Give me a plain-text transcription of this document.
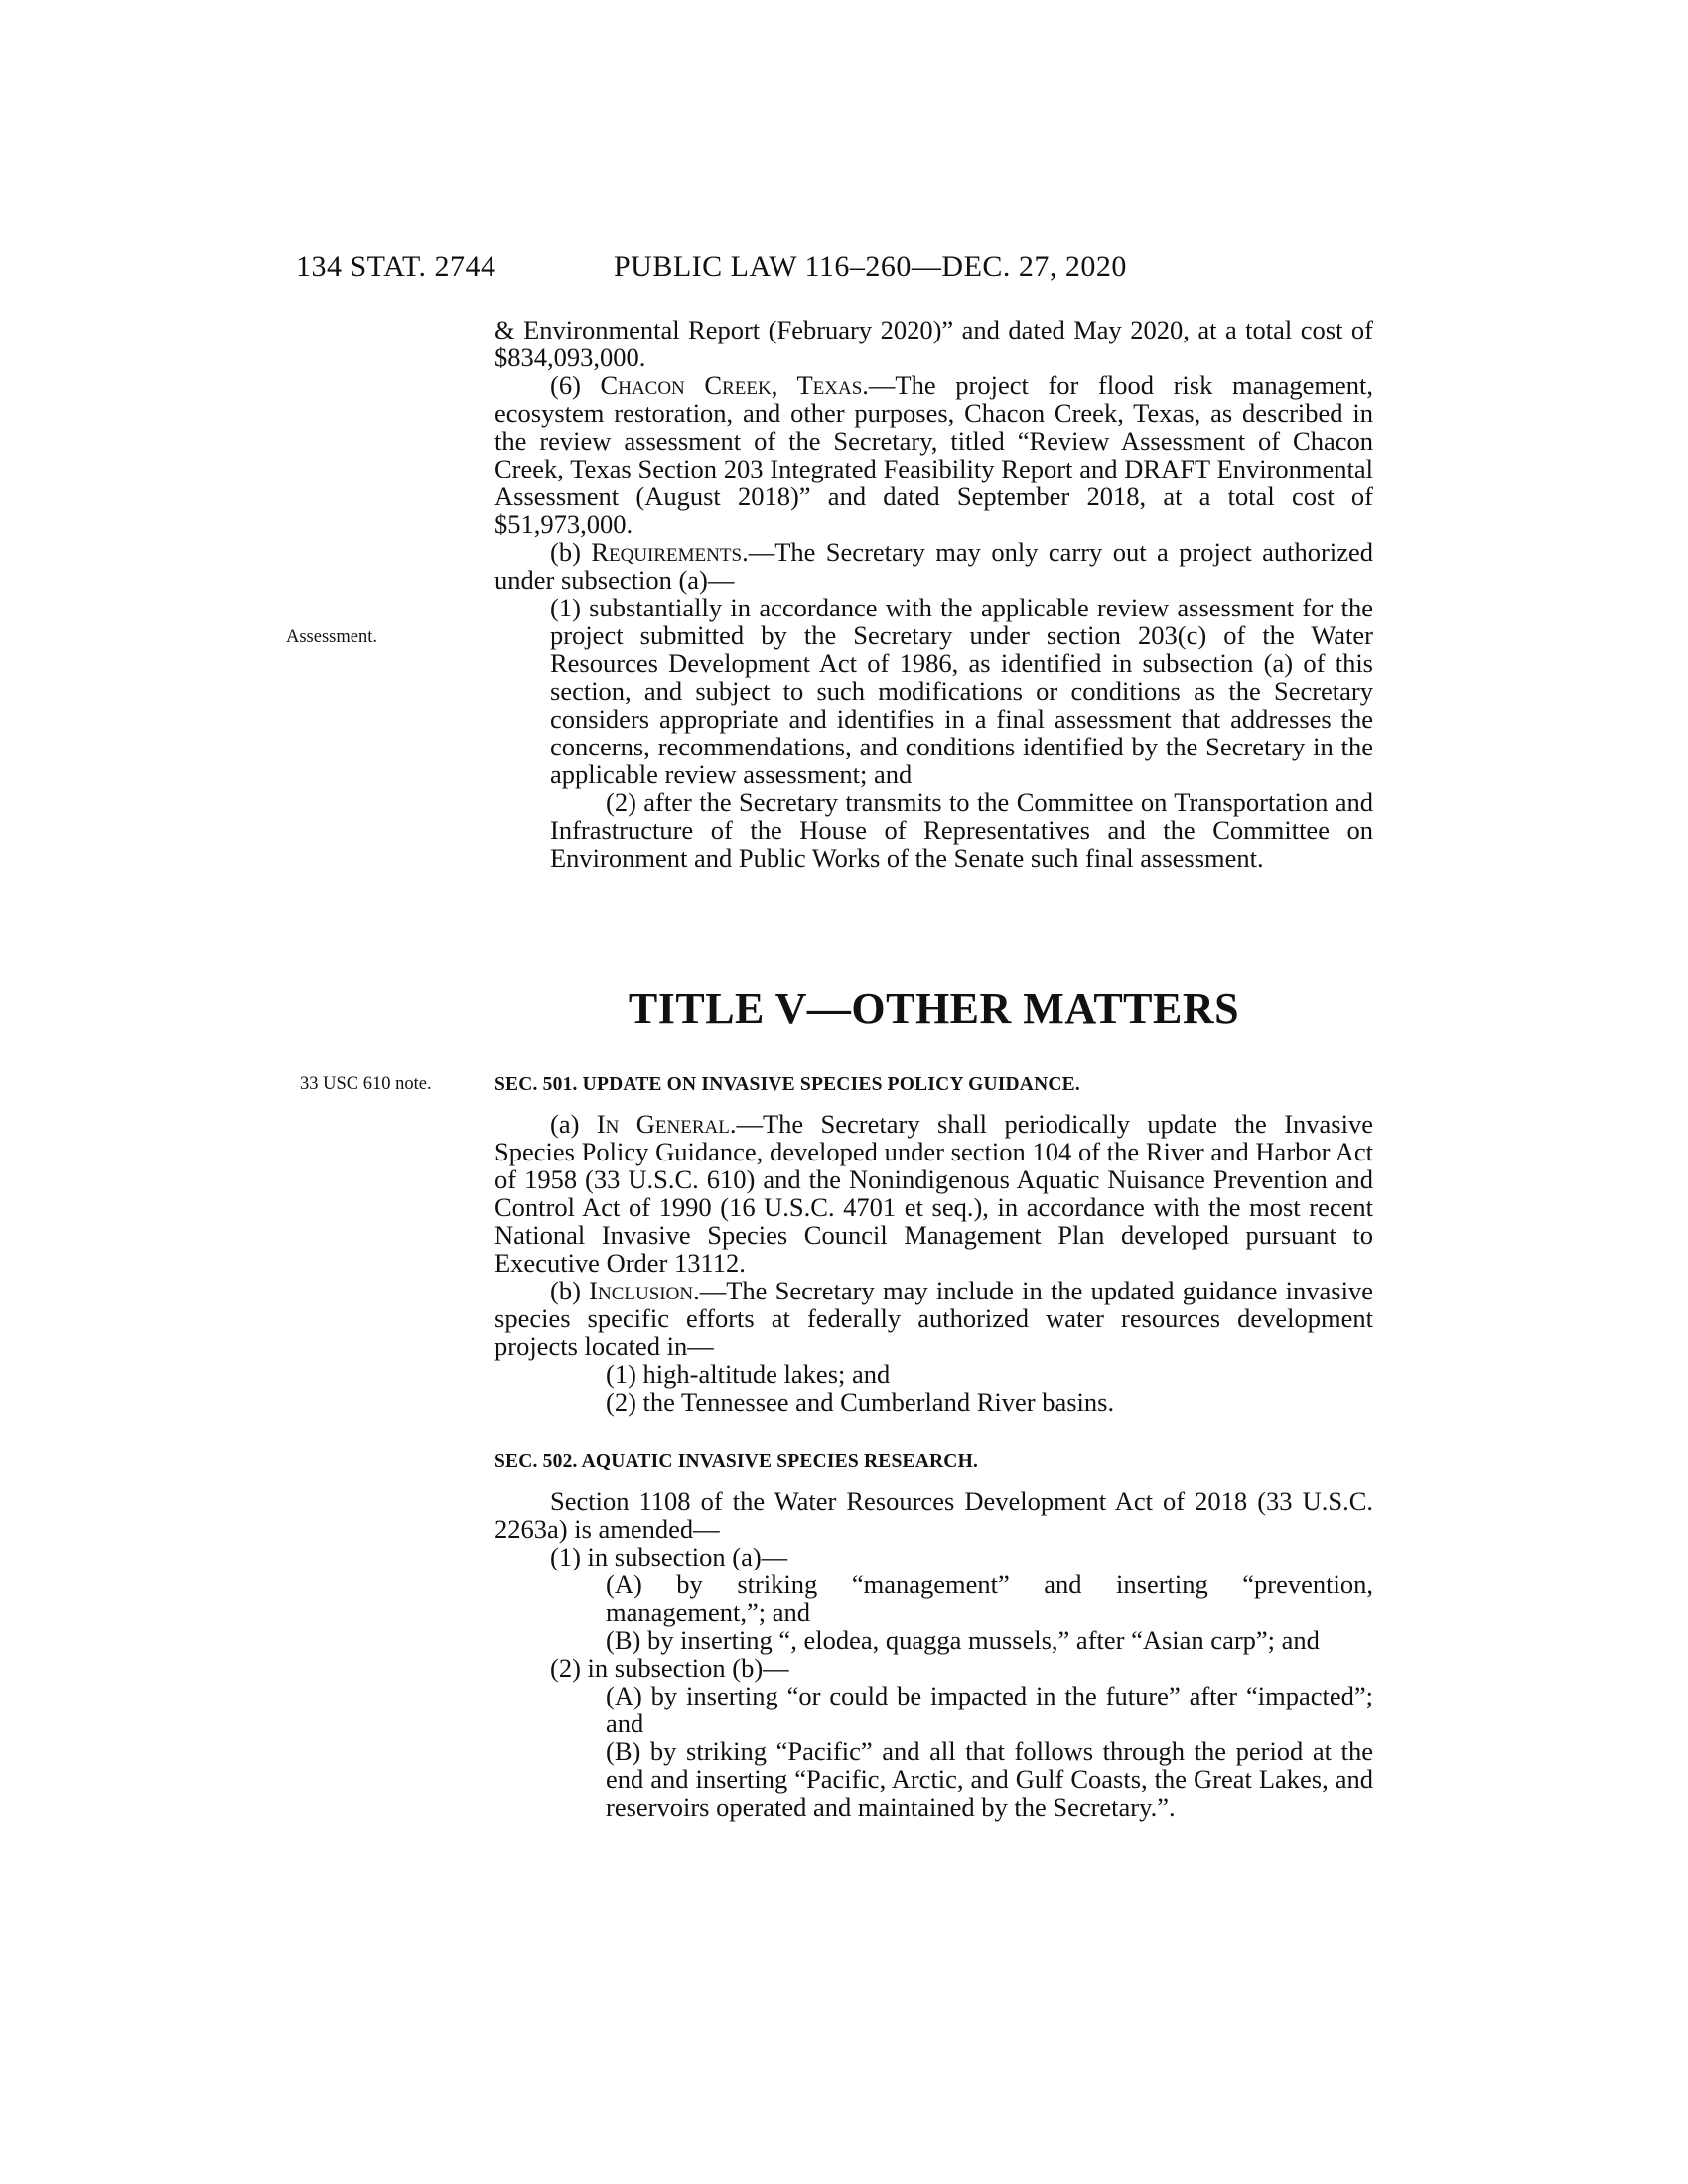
134 STAT. 2744	PUBLIC LAW 116–260—DEC. 27, 2020

& Environmental Report (February 2020)” and dated May 2020, at a total cost of $834,093,000.

(6) Chacon Creek, Texas.—The project for flood risk management, ecosystem restoration, and other purposes, Chacon Creek, Texas, as described in the review assessment of the Secretary, titled “Review Assessment of Chacon Creek, Texas Section 203 Integrated Feasibility Report and DRAFT Environmental Assessment (August 2018)” and dated September 2018, at a total cost of $51,973,000.

(b) Requirements.—The Secretary may only carry out a project authorized under subsection (a)—

(1) substantially in accordance with the applicable review assessment for the project submitted by the Secretary under section 203(c) of the Water Resources Development Act of 1986, as identified in subsection (a) of this section, and subject to such modifications or conditions as the Secretary considers appropriate and identifies in a final assessment that addresses the concerns, recommendations, and conditions identified by the Secretary in the applicable review assessment; and

(2) after the Secretary transmits to the Committee on Transportation and Infrastructure of the House of Representatives and the Committee on Environment and Public Works of the Senate such final assessment.

Assessment.
TITLE V—OTHER MATTERS
33 USC 610 note.	SEC. 501. UPDATE ON INVASIVE SPECIES POLICY GUIDANCE.

(a) In General.—The Secretary shall periodically update the Invasive Species Policy Guidance, developed under section 104 of the River and Harbor Act of 1958 (33 U.S.C. 610) and the Nonindigenous Aquatic Nuisance Prevention and Control Act of 1990 (16 U.S.C. 4701 et seq.), in accordance with the most recent National Invasive Species Council Management Plan developed pursuant to Executive Order 13112.

(b) Inclusion.—The Secretary may include in the updated guidance invasive species specific efforts at federally authorized water resources development projects located in—

(1) high-altitude lakes; and

(2) the Tennessee and Cumberland River basins.

SEC. 502. AQUATIC INVASIVE SPECIES RESEARCH.

Section 1108 of the Water Resources Development Act of 2018 (33 U.S.C. 2263a) is amended—

(1) in subsection (a)—

(A) by striking “management” and inserting “prevention, management,”; and

(B) by inserting “, elodea, quagga mussels,” after “Asian carp”; and

(2) in subsection (b)—

(A) by inserting “or could be impacted in the future” after “impacted”; and

(B) by striking “Pacific” and all that follows through the period at the end and inserting “Pacific, Arctic, and Gulf Coasts, the Great Lakes, and reservoirs operated and maintained by the Secretary.”.
